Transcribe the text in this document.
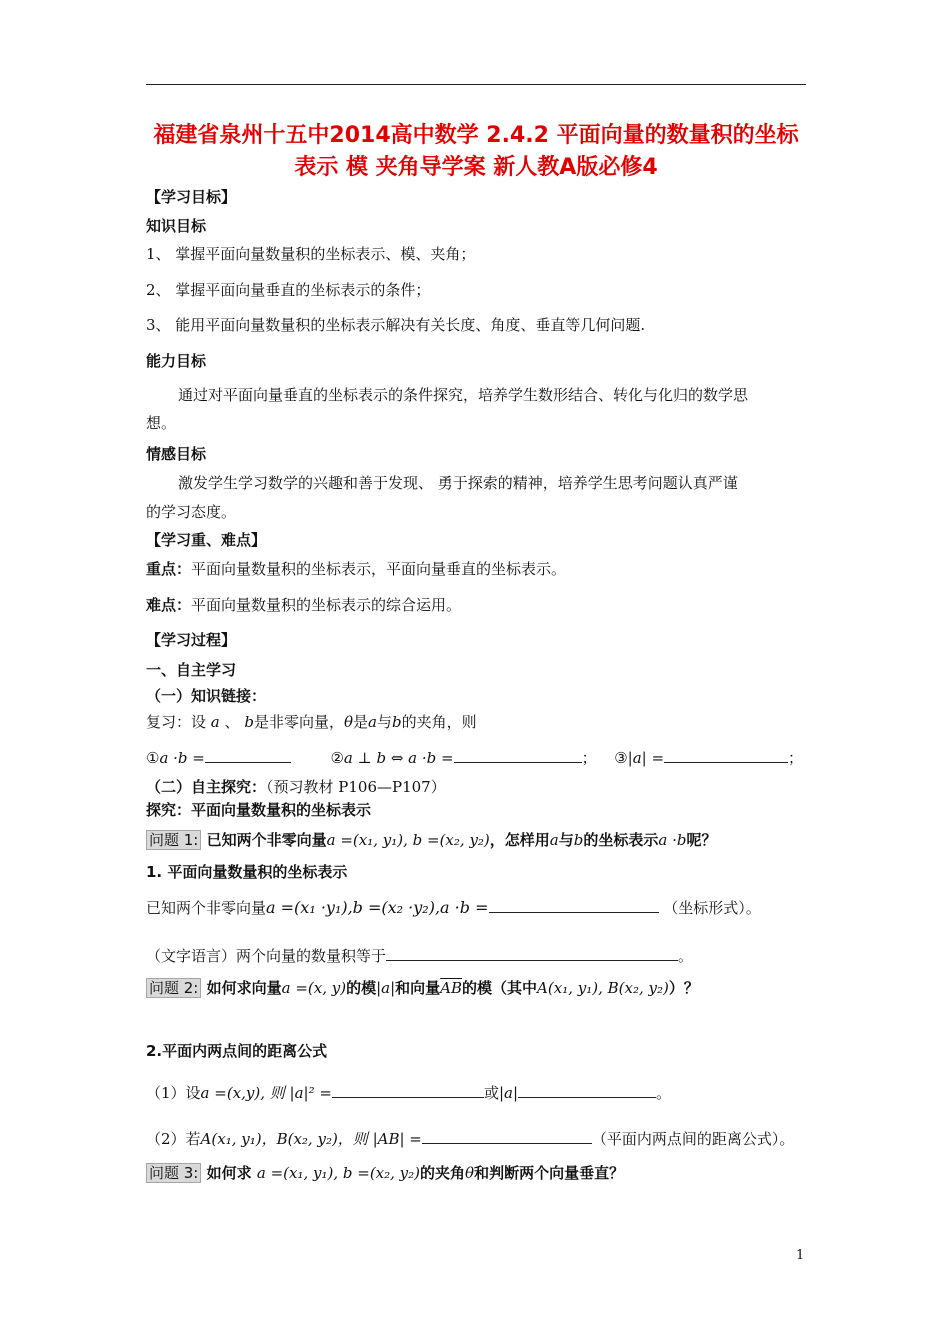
福建省泉州十五中2014高中数学 2.4.2 平面向量的数量积的坐标
表示 模 夹角导学案 新人教A版必修4
【学习目标】
知识目标
1、 掌握平面向量数量积的坐标表示、模、夹角；
2、 掌握平面向量垂直的坐标表示的条件；
3、 能用平面向量数量积的坐标表示解决有关长度、角度、垂直等几何问题.
能力目标
通过对平面向量垂直的坐标表示的条件探究，培养学生数形结合、转化与化归的数学思
想。
情感目标
激发学生学习数学的兴趣和善于发现、 勇于探索的精神，培养学生思考问题认真严谨
的学习态度。
【学习重、难点】
重点：平面向量数量积的坐标表示，平面向量垂直的坐标表示。
难点：平面向量数量积的坐标表示的综合运用。
【学习过程】
一、自主学习
（一）知识链接：
复习：设 a 、 b是非零向量，θ是a与b的夹角，则
①a ·b =	②a ⊥ b ⇔ a ·b =	； ③|a| =	；
（二）自主探究：（预习教材 P106—P107）
探究：平面向量数量积的坐标表示
问题 1: 已知两个非零向量a =(x₁, y₁), b =(x₂, y₂)，怎样用a与b的坐标表示a ·b呢？
1. 平面向量数量积的坐标表示
已知两个非零向量a =(x₁ ·y₁),b =(x₂ ·y₂),a ·b =	（坐标形式）。
（文字语言）两个向量的数量积等于	。
问题 2: 如何求向量a =(x, y)的模|a|和向量$\overline{AB}$的模（其中A(x₁, y₁), B(x₂, y₂)）？
2.平面内两点间的距离公式
（1）设a =(x,y), 则 |a|² =	或|a|	。
（2）若A(x₁, y₁)，B(x₂, y₂)，则 |AB| =	（平面内两点间的距离公式）。
问题 3: 如何求 a =(x₁, y₁), b =(x₂, y₂)的夹角θ和判断两个向量垂直？
1
